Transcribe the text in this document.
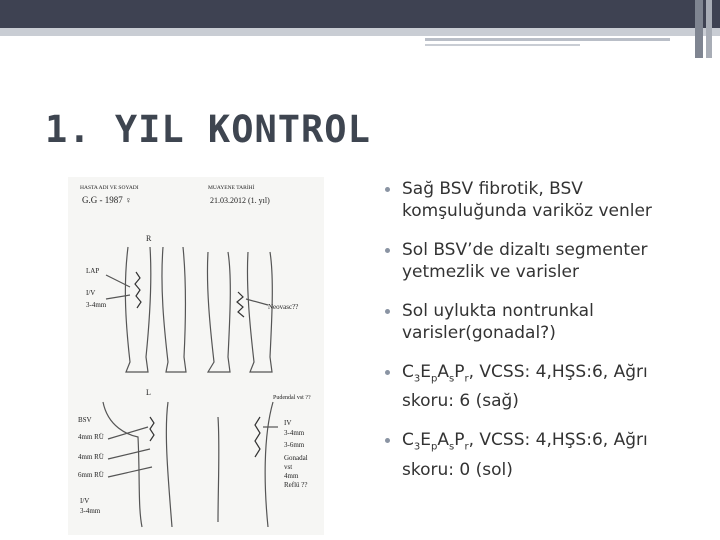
1. YIL KONTROL
HASTA ADI VE SOYADI
G.G - 1987 ♀
MUAYENE TARİHİ
21.03.2012 (1. yıl)
R
L
LAP
I/V
3-4mm	Neovasc??
BSV
4mm RÜ
4mm RÜ
6mm RÜ
I/V
3-4mm
Pudendal vst ??
IV
3-4mm
3-6mm
Gonadal
vst
4mm
Reflü ??
Sağ BSV fibrotik, BSV komşuluğunda variköz venler
Sol BSV’de dizaltı segmenter yetmezlik ve varisler
Sol uylukta nontrunkal varisler(gonadal?)
$C_3E_pA_sP_r$, VCSS: 4,HŞS:6, Ağrı skoru: 6 (sağ)
$C_3E_pA_sP_r$, VCSS: 4,HŞS:6, Ağrı skoru: 0 (sol)
